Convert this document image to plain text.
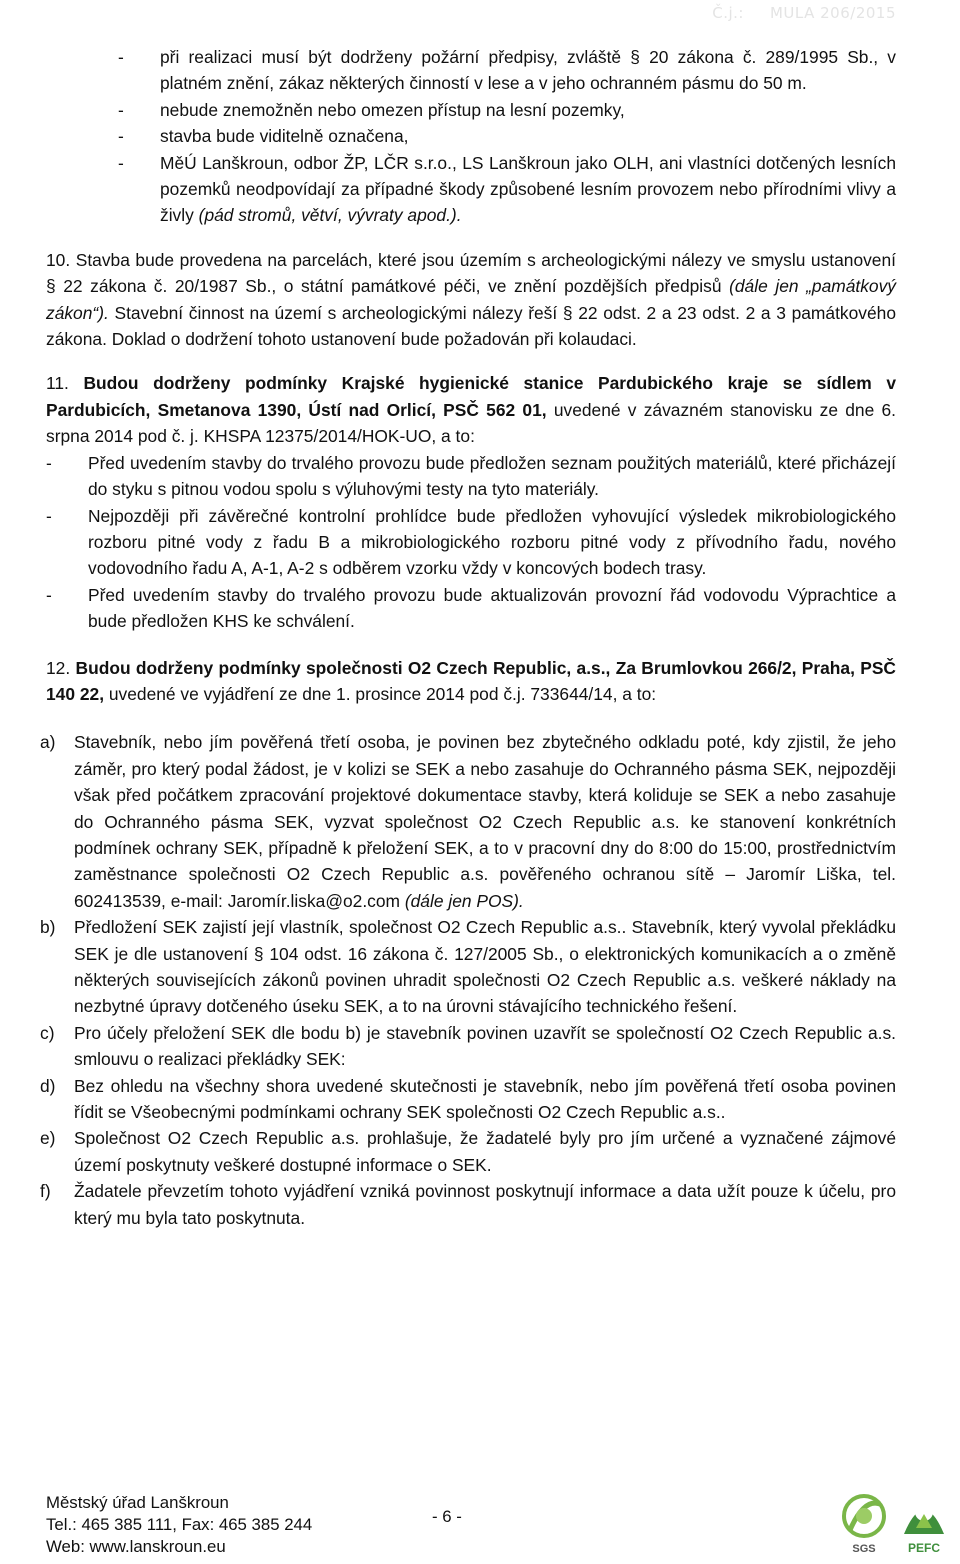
Č.j.: MULA 206/2015
- při realizaci musí být dodrženy požární předpisy, zvláště § 20 zákona č. 289/1995 Sb., v platném znění, zákaz některých činností v lese a v jeho ochranném pásmu do 50 m.
- nebude znemožněn nebo omezen přístup na lesní pozemky,
- stavba bude viditelně označena,
- MěÚ Lanškroun, odbor ŽP, LČR s.r.o., LS Lanškroun jako OLH, ani vlastníci dotčených lesních pozemků neodpovídají za případné škody způsobené lesním provozem nebo přírodními vlivy a živly (pád stromů, větví, vývraty apod.).
10. Stavba bude provedena na parcelách, které jsou územím s archeologickými nálezy ve smyslu ustanovení § 22 zákona č. 20/1987 Sb., o státní památkové péči, ve znění pozdějších předpisů (dále jen „památkový zákon“). Stavební činnost na území s archeologickými nálezy řeší § 22 odst. 2 a 23 odst. 2 a 3 památkového zákona. Doklad o dodržení tohoto ustanovení bude požadován při kolaudaci.
11. Budou dodrženy podmínky Krajské hygienické stanice Pardubického kraje se sídlem v Pardubicích, Smetanova 1390, Ústí nad Orlicí, PSČ 562 01, uvedené v závazném stanovisku ze dne 6. srpna 2014 pod č. j. KHSPA 12375/2014/HOK-UO, a to:
- Před uvedením stavby do trvalého provozu bude předložen seznam použitých materiálů, které přicházejí do styku s pitnou vodou spolu s výluhovými testy na tyto materiály.
- Nejpozději při závěrečné kontrolní prohlídce bude předložen vyhovující výsledek mikrobiologického rozboru pitné vody z řadu B a mikrobiologického rozboru pitné vody z přívodního řadu, nového vodovodního řadu A, A-1, A-2 s odběrem vzorku vždy v koncových bodech trasy.
- Před uvedením stavby do trvalého provozu bude aktualizován provozní řád vodovodu Výprachtice a bude předložen KHS ke schválení.
12. Budou dodrženy podmínky společnosti O2 Czech Republic, a.s., Za Brumlovkou 266/2, Praha, PSČ 140 22, uvedené ve vyjádření ze dne 1. prosince 2014 pod č.j. 733644/14, a to:
a) Stavebník, nebo jím pověřená třetí osoba, je povinen bez zbytečného odkladu poté, kdy zjistil, že jeho záměr, pro který podal žádost, je v kolizi se SEK a nebo zasahuje do Ochranného pásma SEK, nejpozději však před počátkem zpracování projektové dokumentace stavby, která koliduje se SEK a nebo zasahuje do Ochranného pásma SEK, vyzvat společnost O2 Czech Republic a.s. ke stanovení konkrétních podmínek ochrany SEK, případně k přeložení SEK, a to v pracovní dny do 8:00 do 15:00, prostřednictvím zaměstnance společnosti O2 Czech Republic a.s. pověřeného ochranou sítě – Jaromír Liška, tel. 602413539, e-mail: Jaromír.liska@o2.com (dále jen POS).
b) Předložení SEK zajistí její vlastník, společnost O2 Czech Republic a.s.. Stavebník, který vyvolal překládku SEK je dle ustanovení § 104 odst. 16 zákona č. 127/2005 Sb., o elektronických komunikacích a o změně některých souvisejících zákonů povinen uhradit společnosti O2 Czech Republic a.s. veškeré náklady na nezbytné úpravy dotčeného úseku SEK, a to na úrovni stávajícího technického řešení.
c) Pro účely přeložení SEK dle bodu b) je stavebník povinen uzavřít se společností O2 Czech Republic a.s. smlouvu o realizaci překládky SEK:
d) Bez ohledu na všechny shora uvedené skutečnosti je stavebník, nebo jím pověřená třetí osoba povinen řídit se Všeobecnými podmínkami ochrany SEK společnosti O2 Czech Republic a.s..
e) Společnost O2 Czech Republic a.s. prohlašuje, že žadatelé byly pro jím určené a vyznačené zájmové území poskytnuty veškeré dostupné informace o SEK.
f) Žadatele převzetím tohoto vyjádření vzniká povinnost poskytnují informace a data užít pouze k účelu, pro který mu byla tato poskytnuta.
Městský úřad Lanškroun
Tel.: 465 385 111, Fax: 465 385 244
Web: www.lanskroun.eu
- 6 -
SGS	PEFC
